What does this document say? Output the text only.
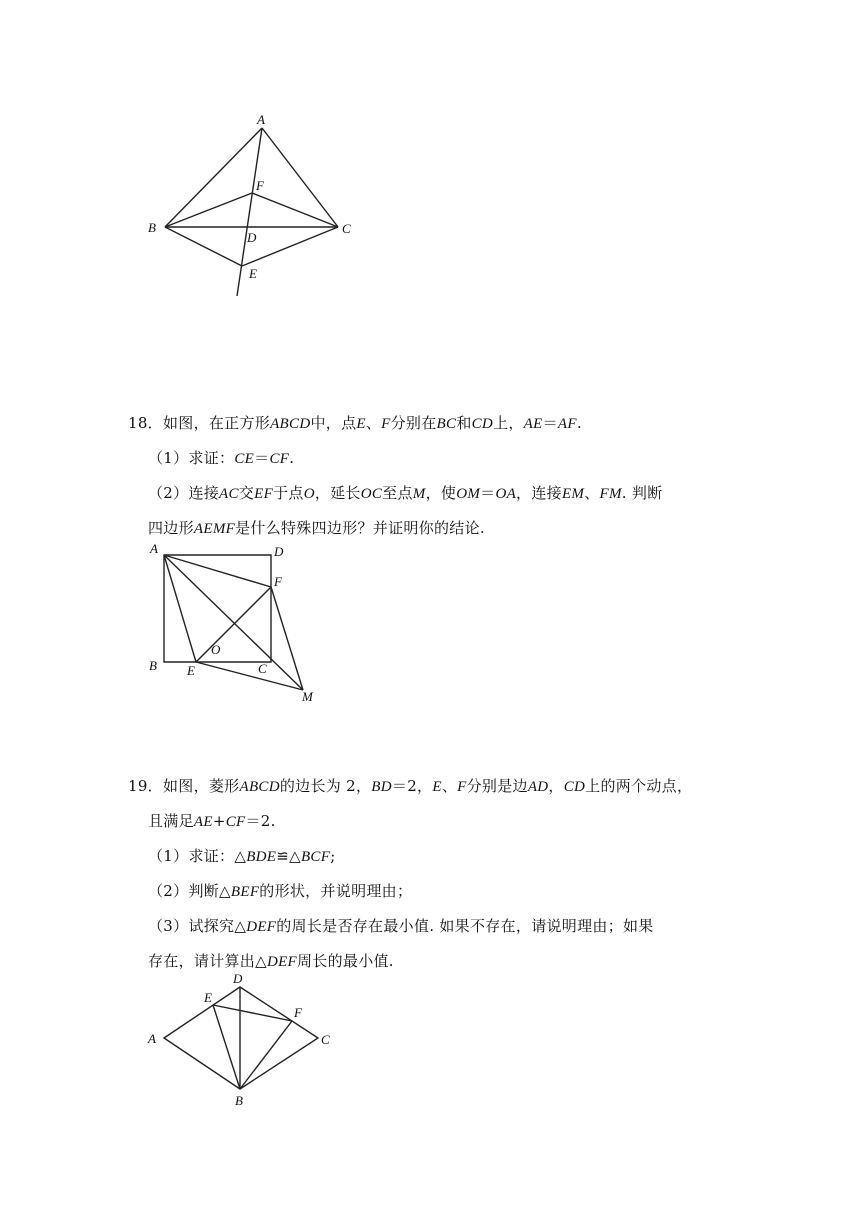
A
F
B	C
D
E
18．如图，在正方形ABCD中，点E、F分别在BC和CD上，AE＝AF.
（1）求证：CE＝CF.
（2）连接AC交EF于点O，延长OC至点M，使OM＝OA，连接EM、FM. 判断
四边形AEMF是什么特殊四边形？并证明你的结论.
A	D
F
O
B E	C
M
19．如图，菱形ABCD的边长为 2，BD＝2，E、F分别是边AD，CD上的两个动点，
且满足AE+CF＝2.
（1）求证：△BDE≌△BCF;
（2）判断△BEF的形状，并说明理由；
（3）试探究△DEF的周长是否存在最小值. 如果不存在，请说明理由；如果
存在，请计算出△DEF周长的最小值.
D
E
F
A	C
B
